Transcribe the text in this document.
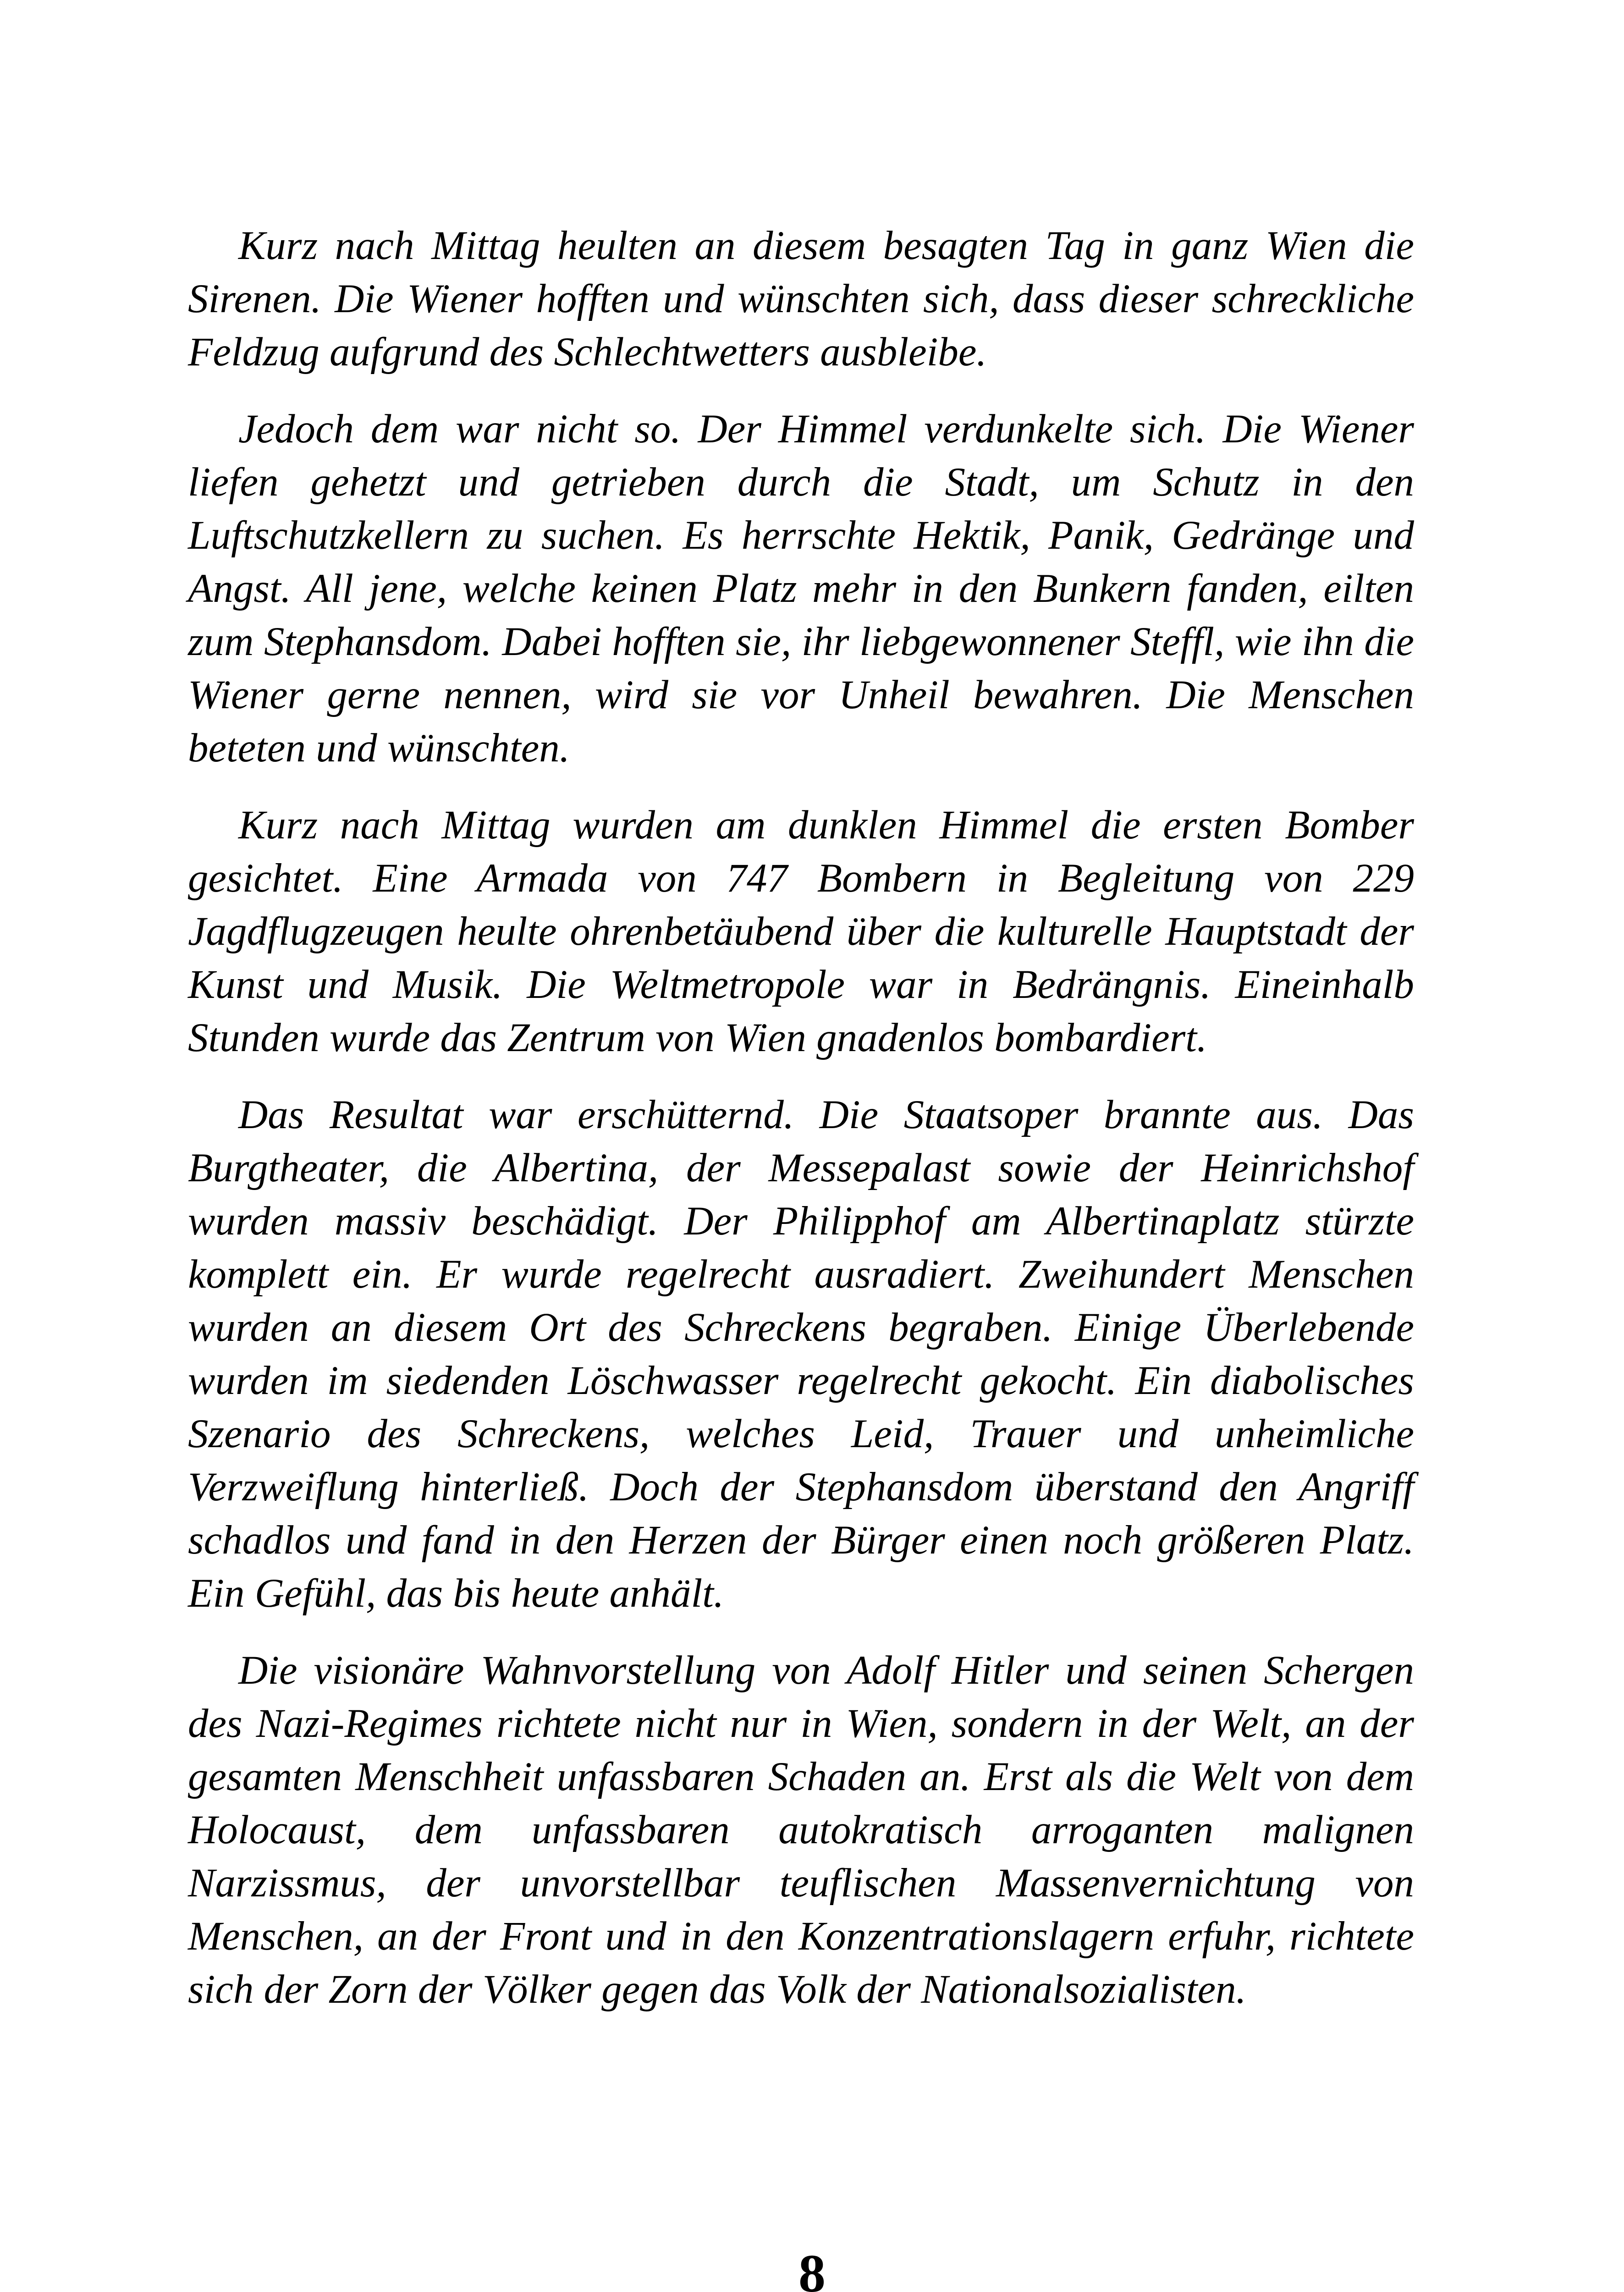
Kurz nach Mittag heulten an diesem besagten Tag in ganz Wien die Sirenen. Die Wiener hofften und wünschten sich, dass dieser schreckliche Feldzug aufgrund des Schlechtwetters ausbleibe.

Jedoch dem war nicht so. Der Himmel verdunkelte sich. Die Wiener liefen gehetzt und getrieben durch die Stadt, um Schutz in den Luftschutzkellern zu suchen. Es herrschte Hektik, Panik, Gedränge und Angst. All jene, welche keinen Platz mehr in den Bunkern fanden, eilten zum Stephansdom. Dabei hofften sie, ihr liebgewonnener Steffl, wie ihn die Wiener gerne nennen, wird sie vor Unheil bewahren. Die Menschen beteten und wünschten.

Kurz nach Mittag wurden am dunklen Himmel die ersten Bomber gesichtet. Eine Armada von 747 Bombern in Begleitung von 229 Jagdflugzeugen heulte ohrenbetäubend über die kulturelle Hauptstadt der Kunst und Musik. Die Weltmetropole war in Bedrängnis. Eineinhalb Stunden wurde das Zentrum von Wien gnadenlos bombardiert.

Das Resultat war erschütternd. Die Staatsoper brannte aus. Das Burgtheater, die Albertina, der Messepalast sowie der Heinrichshof wurden massiv beschädigt. Der Philipphof am Albertinaplatz stürzte komplett ein. Er wurde regelrecht ausradiert. Zweihundert Menschen wurden an diesem Ort des Schreckens begraben. Einige Überlebende wurden im siedenden Löschwasser regelrecht gekocht. Ein diabolisches Szenario des Schreckens, welches Leid, Trauer und unheimliche Verzweiflung hinterließ. Doch der Stephansdom überstand den Angriff schadlos und fand in den Herzen der Bürger einen noch größeren Platz. Ein Gefühl, das bis heute anhält.

Die visionäre Wahnvorstellung von Adolf Hitler und seinen Schergen des Nazi-Regimes richtete nicht nur in Wien, sondern in der Welt, an der gesamten Menschheit unfassbaren Schaden an. Erst als die Welt von dem Holocaust, dem unfassbaren autokratisch arroganten malignen Narzissmus, der unvorstellbar teuflischen Massenvernichtung von Menschen, an der Front und in den Konzentrationslagern erfuhr, richtete sich der Zorn der Völker gegen das Volk der Nationalsozialisten.

8
